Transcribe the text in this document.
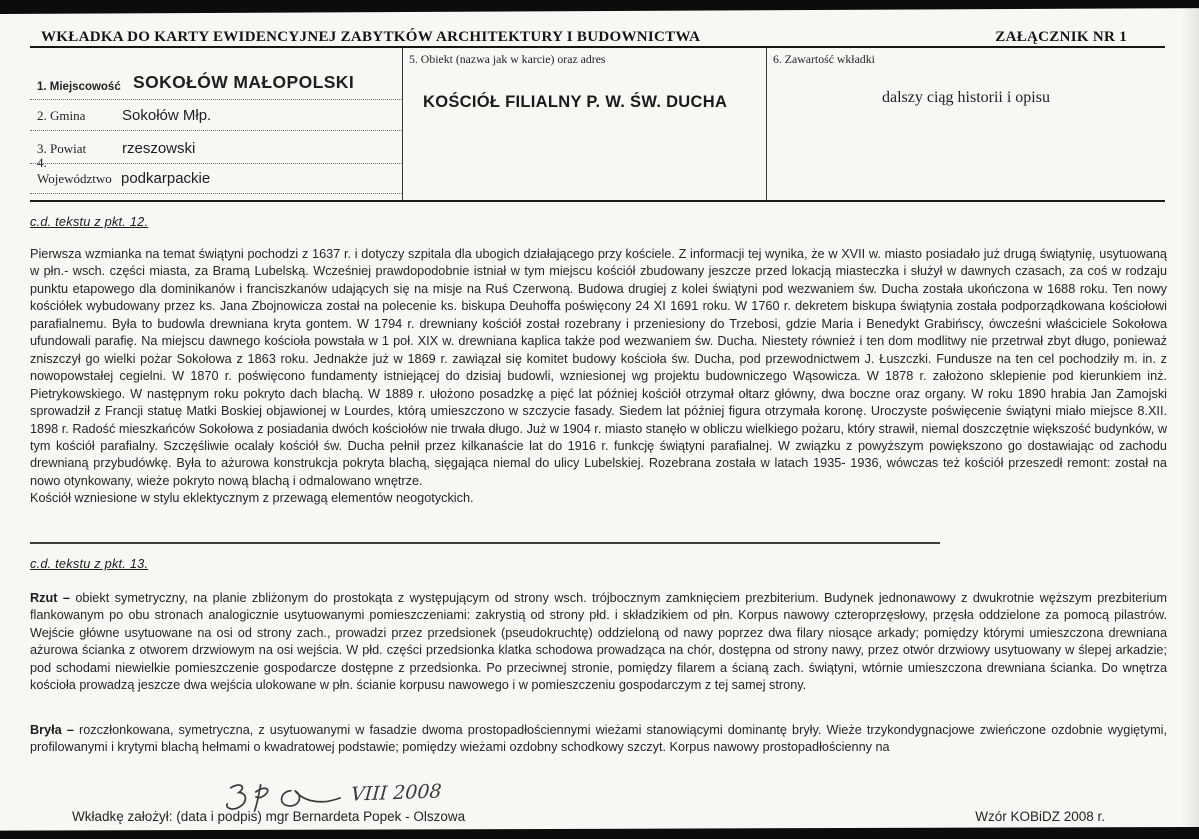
WKŁADKA DO KARTY EWIDENCYJNEJ ZABYTKÓW ARCHITEKTURY I BUDOWNICTWA	ZAŁĄCZNIK NR 1
1. Miejscowość SOKOŁÓW MAŁOPOLSKI
2. Gmina	Sokołów Młp.
3. Powiat	rzeszowski
4. Województwo podkarpackie
5. Obiekt (nazwa jak w karcie) oraz adres
KOŚCIÓŁ FILIALNY P. W. ŚW. DUCHA
6. Zawartość wkładki
dalszy ciąg historii i opisu
c.d. tekstu z pkt. 12.
Pierwsza wzmianka na temat świątyni pochodzi z 1637 r. i dotyczy szpitala dla ubogich działającego przy kościele. Z informacji tej wynika, że w XVII w. miasto posiadało już drugą świątynię, usytuowaną w płn.- wsch. części miasta, za Bramą Lubelską. Wcześniej prawdopodobnie istniał w tym miejscu kościół zbudowany jeszcze przed lokacją miasteczka i służył w dawnych czasach, za coś w rodzaju punktu etapowego dla dominikanów i franciszkanów udających się na misje na Ruś Czerwoną. Budowa drugiej z kolei świątyni pod wezwaniem św. Ducha została ukończona w 1688 roku. Ten nowy kościółek wybudowany przez ks. Jana Zbojnowicza został na polecenie ks. biskupa Deuhoffa poświęcony 24 XI 1691 roku. W 1760 r. dekretem biskupa świątynia została podporządkowana kościołowi parafialnemu. Była to budowla drewniana kryta gontem. W 1794 r. drewniany kościół został rozebrany i przeniesiony do Trzebosi, gdzie Maria i Benedykt Grabińscy, ówcześni właściciele Sokołowa ufundowali parafię. Na miejscu dawnego kościoła powstała w 1 poł. XIX w. drewniana kaplica także pod wezwaniem św. Ducha. Niestety również i ten dom modlitwy nie przetrwał zbyt długo, ponieważ zniszczył go wielki pożar Sokołowa z 1863 roku. Jednakże już w 1869 r. zawiązał się komitet budowy kościoła św. Ducha, pod przewodnictwem J. Łuszczki. Fundusze na ten cel pochodziły m. in. z nowopowstałej cegielni. W 1870 r. poświęcono fundamenty istniejącej do dzisiaj budowli, wzniesionej wg projektu budowniczego Wąsowicza. W 1878 r. założono sklepienie pod kierunkiem inż. Pietrykowskiego. W następnym roku pokryto dach blachą. W 1889 r. ułożono posadzkę a pięć lat później kościół otrzymał ołtarz główny, dwa boczne oraz organy. W roku 1890 hrabia Jan Zamojski sprowadził z Francji statuę Matki Boskiej objawionej w Lourdes, którą umieszczono w szczycie fasady. Siedem lat później figura otrzymała koronę. Uroczyste poświęcenie świątyni miało miejsce 8.XII. 1898 r. Radość mieszkańców Sokołowa z posiadania dwóch kościołów nie trwała długo. Już w 1904 r. miasto stanęło w obliczu wielkiego pożaru, który strawił, niemal doszczętnie większość budynków, w tym kościół parafialny. Szczęśliwie ocalały kościół św. Ducha pełnił przez kilkanaście lat do 1916 r. funkcję świątyni parafialnej. W związku z powyższym powiększono go dostawiając od zachodu drewnianą przybudówkę. Była to ażurowa konstrukcja pokryta blachą, sięgająca niemal do ulicy Lubelskiej. Rozebrana została w latach 1935- 1936, wówczas też kościół przeszedł remont: został na nowo otynkowany, wieże pokryto nową blachą i odmalowano wnętrze.
Kościół wzniesione w stylu eklektycznym z przewagą elementów neogotyckich.
c.d. tekstu z pkt. 13.
Rzut – obiekt symetryczny, na planie zbliżonym do prostokąta z występującym od strony wsch. trójbocznym zamknięciem prezbiterium. Budynek jednonawowy z dwukrotnie węższym prezbiterium flankowanym po obu stronach analogicznie usytuowanymi pomieszczeniami: zakrystią od strony płd. i składzikiem od płn. Korpus nawowy czteroprzęsłowy, przęsła oddzielone za pomocą pilastrów. Wejście główne usytuowane na osi od strony zach., prowadzi przez przedsionek (pseudokruchtę) oddzieloną od nawy poprzez dwa filary niosące arkady; pomiędzy którymi umieszczona drewniana ażurowa ścianka z otworem drzwiowym na osi wejścia. W płd. części przedsionka klatka schodowa prowadząca na chór, dostępna od strony nawy, przez otwór drzwiowy usytuowany w ślepej arkadzie; pod schodami niewielkie pomieszczenie gospodarcze dostępne z przedsionka. Po przeciwnej stronie, pomiędzy filarem a ścianą zach. świątyni, wtórnie umieszczona drewniana ścianka. Do wnętrza kościoła prowadzą jeszcze dwa wejścia ulokowane w płn. ścianie korpusu nawowego i w pomieszczeniu gospodarczym z tej samej strony.
Bryła – rozczłonkowana, symetryczna, z usytuowanymi w fasadzie dwoma prostopadłościennymi wieżami stanowiącymi dominantę bryły. Wieże trzykondygnacjowe zwieńczone ozdobnie wygiętymi, profilowanymi i krytymi blachą hełmami o kwadratowej podstawie; pomiędzy wieżami ozdobny schodkowy szczyt. Korpus nawowy prostopadłościenny na
VIII 2008
Wkładkę założył: (data i podpis) mgr Bernardeta Popek - Olszowa	Wzór KOBiDZ 2008 r.
